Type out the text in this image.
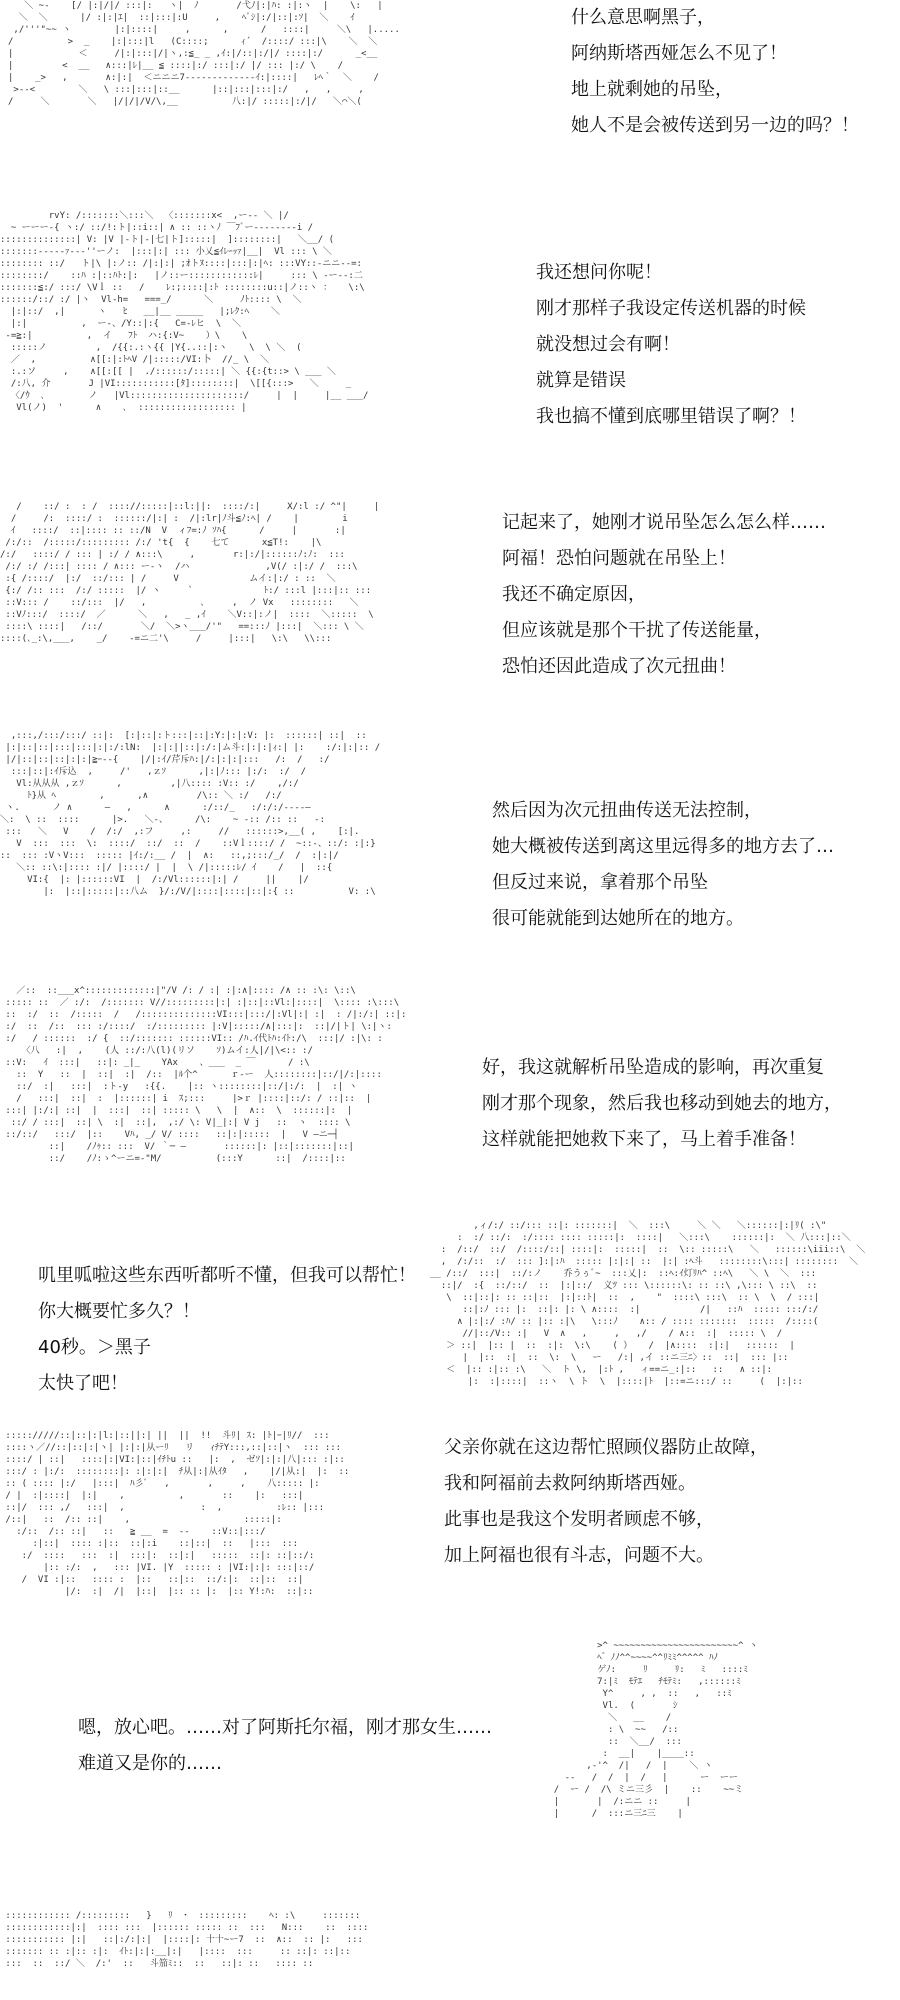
＼ ~-    [/ |:|/|/ :::|:   ヽ|  ﾉ       /弋ﾉ|:|ﾊ: :|:ヽ  |    \:   |
＼  ＼      |/ :|:|ｴ|  ::|:::|:U     ,    ﾍﾞｼ|:/|::|:ｿ|  ＼    ｲ
,/'''"~~ ヽ        |:|::::|     ,      ,      /   ::::|     ＼\   |.....
/          >  _    |:|:::|l   (C::::;      ｨ´  /::::/ :::|\    ＼  ＼
|            ＜     /|:|:::|/|ヽ,:≦_ _ ,ｲ:|/::|:/|/ ::::|:/      _<__
|         <  __   ∧:::|ﾚ|__ ≦ ::::|:/ :::|:/ |/ ::: |:/ \    /
|    _>   ,       ∧:|:|  ＜ニニニ7-------------ｲ:|::::|   ﾚﾍ｀  ＼    /
>--<        ＼   \ :::|:::|::__      |::|:::|:::|:/   ,   ,     ,
/     ＼       ＼   |/|/|/V/\,__          八:|/ :::::|:/|/   ＼⌒＼(

什么意思啊黑子，
阿纳斯塔西娅怎么不见了！
地上就剩她的吊坠，
她人不是会被传送到另一边的吗？！
rvY: /:::::::＼:::＼  〈:::::::x<  ,ー‐‐ ＼ |/
~ ーーー-{ ヽ:/ ::/!:ト|::i::| ∧ :: ::ヽﾉ ￣ﾌﾞー--------i /
::::::::::::::| V: |V |-ト|-|七|ト]:::::|  ]::::::::|   ＼__/ (
:::::::-----ｧ---''ーノ:  |:::|:| ::: 小乂≦ｲﾚｰｯｧ|__|  Vl ::: \ ＼
:::::::: ::/   ト|\ |:ノ:: /|:|:| ;ｵトﾇ::::|:::|:|ﾍ: :::VY::‐ニニ--=:
::::::::/    ::ﾊ :|::ﾊﾄ:|:   |ノ::ー::::::::::::ﾚ|     ::: \ -ー--:二
:::::::≦:/ :::/ \Vｌ ::   /    ﾚ:;::::|:ﾄ ::::::::u::|ノ::ヽ ：   \:\
::::::/::/ :/ |ヽ  Vl-h=   ===_/      ＼     ﾉﾄ:::: \  ＼
|:|::/  ,|      ヽ   ﾋ   __|__ _____   |;ﾚｸ:ﾍ    ＼
|:|          ,  ー-、/Y::|:{   C=-ﾚヒ  \  ＼
‐=≧:|          ,  イ   ﾌﾄ  ハ:{:V~    ）\    \
:::::ノ         ,  /{{:.:ヽ{{ |Y{..::|:ヽ    \  \ ＼  (
／  ,          ∧[[:|:ﾄﾍV /|:::::/VI:卜  //_ \  ＼
:.:ソ     ,    ∧[[:[[ |  ./::::::/:::::| ＼ {{:{t::> \ ___ ＼
/:八, 介       J |VI:::::::::::[ﾀ]::::::::|  \[[{:::>   ＼     _
〈/ｳ  ､        ノ   |Vl:::::::::::::::::::::/     |  |     |__ ___/
Vl(ノ)  '      ∧    ､  :::::::::::::::::: |

我还想问你呢！
刚才那样子我设定传送机器的时候
就没想过会有啊！
就算是错误
我也搞不懂到底哪里错误了啊？！
/    ::/ :  : /  :::://:::::|::l:||:  ::::/:|     X/:l :/ ^"|     |
/     /:  ::::/ :  ::::::/|:| :  /|:lr|ﾉ斗≦ﾉ:ﾍ| /    |        i
ｲ   ::::/  ::|:::: :: ::/N  V  ィﾌ=:ﾉ ｿﾊ{      /     |       :|
/:/::  /:::::/::::::::: /:/ 't{  {    七て      x≦T!:    |\
/:/   ::::/ / ::: | :/ / ∧:::\     ,       r:|:/|::::::ﾉ:ﾉ:  :::
/:/ :/ /:::| :::: / ∧::: ー-ヽ  /ハ              ,V(/ :|:/ /  :::\
:{ /::::/  |:/  ::/::: | /     V             ムイ:|:/ : ::  ＼
{:/ /:: :::  /:/ :::::  |/ ヽ     `             ﾄ:/ :::l |:::|:: :::
::V::: /    ::/:::  |/   ,          ､     ,  ノ Vx   ::::::::   ＼
::Vﾉ:::/  ::::/  ／      ＼   ,   _ ,ｲ    ＼V::|:ノ|  ::::  ＼:::::  \
::::\ ::::|   /::/       ＼/  ＼>ヽ___/'"   ==:::ﾉ |:::|  ＼::: \ ＼
::::(､_:\,___,    _/    -=ニ二'\     /     |:::|   \:\   \\:::

记起来了，她刚才说吊坠怎么怎么样……
阿福！恐怕问题就在吊坠上！
我还不确定原因，
但应该就是那个干扰了传送能量，
恐怕还因此造成了次元扭曲！
,:::,/:::/:::/ ::|:  [:|::|:ト:::|::|:Y:|:|:V: |:  ::::::| ::|  ::
|:|::|::|:::|:::|:|:/:lN:  |:|:||::|:/:|ム斗:|:|:|ｨ:| |:    :/:|:|:: /
|/|::|::|::|:|:|≧ｰ--{    |/|:ｲ/芹斥ﾊ:|/:|:|:|:::   /:  /   :/
:::|::|:ｲ斥込  ,     /'   ,ｚｿ      ,|:|ﾉ::: |:/:  :/  /
Vl:从从从 ,ｚｿ      ,         ,|八:::: :V:: :/    ,/:/
ﾄ}从 ﾍ        ,      ,∧         /\:: ＼ :/   /:/
ヽ.      ノ ∧      ―   ,      ∧      :/::/_   :/:/:/----―
＼:  \ ::  ::::      |>.   ＼-、     /\:    ~ -:: /:: ::   -:
:::   ＼   V    /  /:/  ,:フ     ,:     //   ::::::>,__( ,    [:|.
V  :::  :::  \:  ::::/  ::/  ::  /    ::Vｌ::::/ /  ~::-、::/: :|:}
::  ::: :VヽV:::  ::::: |ｲ:/:__ /  |  ∧:   ::,;:::/_/  /  :|:|/
＼:: ::\:|:::: :|/ |::::/ |  |  \ /|:::::ﾚ/ ｲ    /   |  ::{
VI:{  |: |::::::VI  |  /:/Vl::::::|:| /     ||    |/
|:  |::|:::::|::八ム  }/:/V/|::::|::::|::|:{ ::          V: :\

然后因为次元扭曲传送无法控制，
她大概被传送到离这里远得多的地方去了…
但反过来说，拿着那个吊坠
很可能就能到达她所在的地方。
／::  ::___x^:::::::::::::|"/V /: / :| :|:∧|:::: /∧ :: :\: \::\
::::: ::  ／ :/:  /::::::: V//:::::::::|:| :|::|::Vl:|::::|  \:::: :\:::\
::  :/  ::  /:::::  /   /::::::::::::::VI:::|:::/|:Vl|:| :|  : /|:/:| ::|:
:/  ::  /::  ::: :/::::/  :/::::::::: |:V|:::::/∧|:::|:  ::|/|ト| \:|ヽ:
:/   / ::::::  :/ {  ::/::::::: ::::::VI:: /ﾊ.ｲ代ﾄﾊ:ｲﾄ:/\  :::|/ :|\: :
〈八   :|  ,    (人 ::/:八(l)(リソ    ｿ)ムイ:人|/|\<:: :/
::V:   ｲ  :::|   ::|: _|_    YAx    、___  _ ￣      / :\
::  Y   ::  |  ::|  :|  /::  |ﾙ个^      ｒ-ー  人::::::::|::/|/:|::::
::/  :|   :::|  :ト-y   :{{.    |:: ヽ::::::::|::/|:/:  |  :| ヽ
/   :::|  ::|  :  |::::::| i  ｽ;:::     |>ｒ |::::|::/: / ::|::  |
:::| |:/:| ::|  |  :::|  ::| ::::: \   \  |  ∧::  \  ::::::|:  |
::/ / :::|  ::| \  :|  ::|,  ,:/ \: V|_|:| V j   ::  ヽ  :::: \
::/::/   :::/  |::    Vﾊ, _/ V/ ::::   ::|:|:::::  |   V ―ニ─┤
::|    /ﾉｩ:: :::  V/ ｀─ ―       ::::::|: |::|:::::::|::|
::/    /ﾉ:ゝ^ーニ=-"M/          (:::Y      ::|  /::::|::

好，我这就解析吊坠造成的影响，再次重复
刚才那个现象，然后我也移动到她去的地方，
这样就能把她救下来了，马上着手准备！
叽里呱啦这些东西听都听不懂，但我可以帮忙！
你大概要忙多久？！
40秒。＞黑子
太快了吧！
,ィ/:/ ::/::: ::|: :::::::|  ＼  :::\     ＼ ＼   ＼::::::|:|ﾘ( :\"
:  :/ ::/:  :/:::: :::: :::::|:  ::::|   ＼:::\    ::::::|:  ＼ 八:::|::＼
:  /::/  ::/  /::::/::| ::::|:  :::::|  ::  \:: :::::\   ＼   ::::::\iii::\  ＼
,  /:/::  :/  ::: ]:|:ﾊ  ::::: |:|:| ::  |:| :ﾍ斗   ::::::::\:::| ::::::::  ＼
__ /::/  :::|  ::/:ノ    乔うぅﾞ~  :::乂|:  ::ﾍ:ｲ灯ﾘﾊ^ ::ﾍ\   ＼ \  ＼  :::
::|/  :{  ::/::/  ::  |:|::/  义ﾂ ::: \::::::\: :: ::\ ,\::: \ ::\  ::
\  ::|::|: :: ::|::  |:|::ﾄ|  ::  ,    "  ::::\ :::\  :: \  \  / :::|
::|:ﾉ ::: |:  ::|: |: \ ∧::::  :|           /|   ::ﾊ  ::::: :::/:/
∧ |:|:/ :ﾊ/ :: |:: :|\   \:::ﾉ    ∧:: / :::: :::::::  :::::  /::::(
//|::/V:: :|   V  ∧   ,     ,   ,/    / ∧::  :|  ::::: \  /
＞ ::|  |:: |  ::  :|:  \:\    ( ）   /  |∧::::  :|:|   ::::::  |
|  |::  :|  ::  \:  \   ー   /:| ,イ ::ニ三ﾆ〉::  ::|  ::: |::
＜  |:: :|:: :\   ＼  ト \,  |:ﾄ ,   ィ==ニ_:|::   ::   ∧ ::|:
|:  :|::::|  ::ヽ  \ ト  \  |::::|ﾄ  |::=ニ:::/ ::     (  |:|::

::::://///::|::|:|l:|::||:| ||  ||  !!  斗ﾘ| ｽ: |ﾄ|ｰ|ﾘ//  :::
::::ヽ／//::|::|:|ヽ| |:|:|从ーﾘ   リ   ｨﾁﾃY:::,::|::|ヽ  ::: :::
::::/ | ::|   ::::|:|VI:|::|ｲﾁﾄu ::   |:  ,  ゼｿ|:|:|八|::: :|::
:::/ : |:/:  ::::::::|: :|:|:|  ﾁ从|:|从ｲﾀ   ,    |/|从:|  |:  ::
:: ( :::: |:/   |:::|  ﾊ彡ﾞ   ,       ,     ,    八::::: |:
/ |  :|::::|  |:|    ,          ,       ::    |:   :::|
::|/  ::: ,/   :::|  ,              :  ,          :ﾚ:: |:::
/::|   ::  /:: ::|    ,                     :::::|:
:/::  /:: ::|   ::   ≧ __  =  ‐‐    ::V::|:::/
:|::|  :::: :|::  ::|:i    ::|::|  ::   |:::  :::
:/  ::::   :::  :|  :::|:  ::|:|   :::::  ::|: ::|::/:
|:: :/:  ,   ::: |VI. |Y  ::::: : |VI:|:|: :::|::/
/  VI :|::   :::: :  |::   ::|::  ::/:|:  ::|::  ::|
|/:  :|  /|  |::|  |:: :: |:  |:: Y!:ﾊ:  ::|::

父亲你就在这边帮忙照顾仪器防止故障，
我和阿福前去救阿纳斯塔西娅。
此事也是我这个发明者顾虑不够，
加上阿福也很有斗志，问题不大。
嗯，放心吧。……对了阿斯托尔福，刚才那女生……
难道又是你的……
>^ ~~~~~~~~~~~~~~~~~~~~~~~^ ヽ
ﾍ゛ﾉﾉ^^~~~~^^ﾘﾐﾐ^^^^^ ﾊﾉ
ゲﾉ:     ﾘ     ﾘ:   ﾐ   ::::ﾐ
7:|ﾐ  ﾓﾃｴ   ﾁﾓﾃﾐ:   ,::::::ﾐ
Y^     , ,  ::   ,   ::ﾐ
Vl.  (       ｼ
＼   __    /
: \  ~~   /::
::  ＼__/  :::
:  __|    |____::
,-'^  /|   /  |    ＼ ヽ
--   /  /  |  /   |      ー  ーー
/  ー /  /\ ミニ三彡  |    ::    ~~ミ
|       |  /:ニニ ::     |
|      /  :::ニ三ﾆ三    |

:::::::::::: /:::::::::   }   ﾘ  ･  :::::::::    ﾍ: :\     :::::::
::::::::::::|:|  :::: :::  |:::::: ::::: ::  :::   N:::    ::  ::::
::::::::::: |:|   ::|:/:|:|  |::::|: 十十~ー7  ::  ∧::  :: |:   :::
::::::: :: :|:: :|:  ｲﾄ:|:|:__|:|   |::::  :::     :: ::|: ::|::
:::  ::  ::/ ＼  /:'  ::   斗笳ﾐ::  ::   ::|: ::   :::: ::
